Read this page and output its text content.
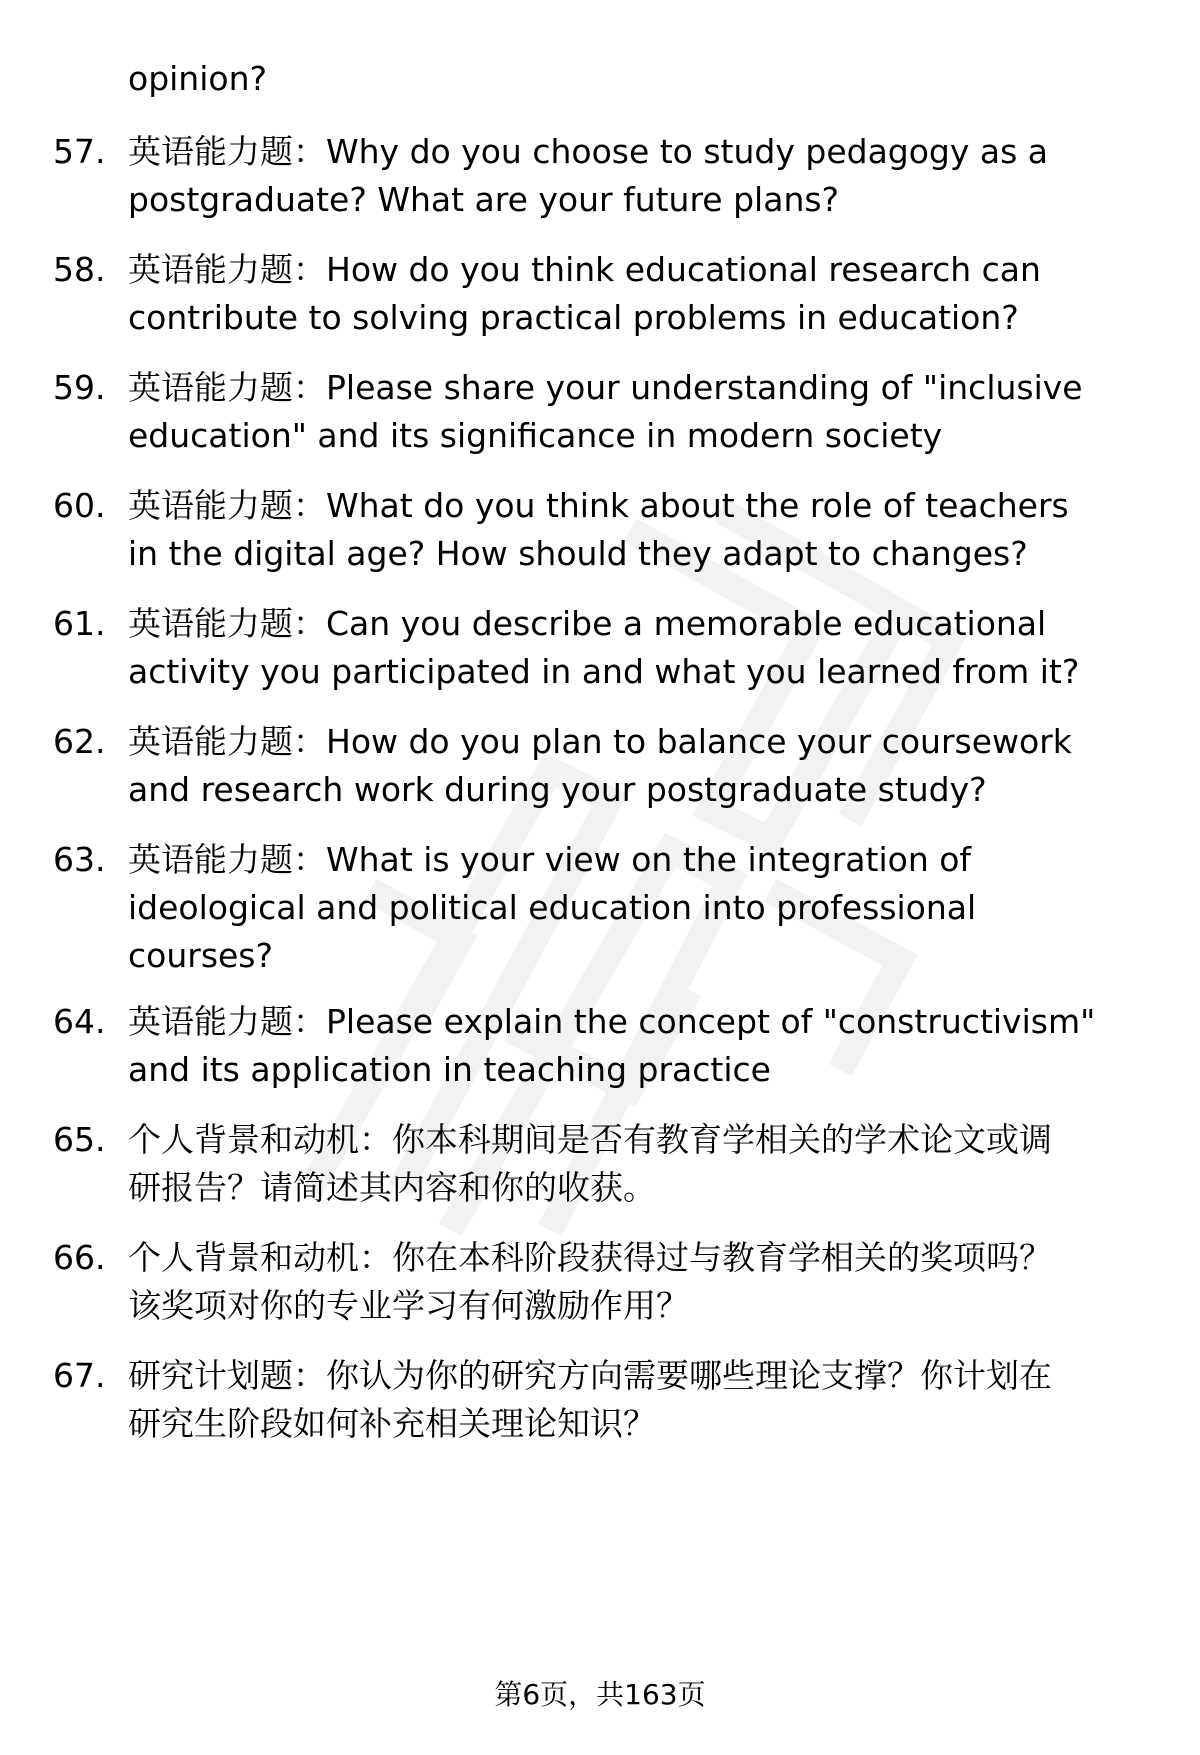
opinion?
57. 英语能力题：Why do you choose to study pedagogy as a
postgraduate? What are your future plans?
58. 英语能力题：How do you think educational research can
contribute to solving practical problems in education?
59. 英语能力题：Please share your understanding of "inclusive
education" and its significance in modern society
60. 英语能力题：What do you think about the role of teachers
in the digital age? How should they adapt to changes?
61. 英语能力题：Can you describe a memorable educational
activity you participated in and what you learned from it?
62. 英语能力题：How do you plan to balance your coursework
and research work during your postgraduate study?
63. 英语能力题：What is your view on the integration of
ideological and political education into professional
courses?
64. 英语能力题：Please explain the concept of "constructivism"
and its application in teaching practice
65. 个人背景和动机：你本科期间是否有教育学相关的学术论文或调
研报告？请简述其内容和你的收获。
66. 个人背景和动机：你在本科阶段获得过与教育学相关的奖项吗？
该奖项对你的专业学习有何激励作用？
67. 研究计划题：你认为你的研究方向需要哪些理论支撑？你计划在
研究生阶段如何补充相关理论知识？
第6页，共163页
